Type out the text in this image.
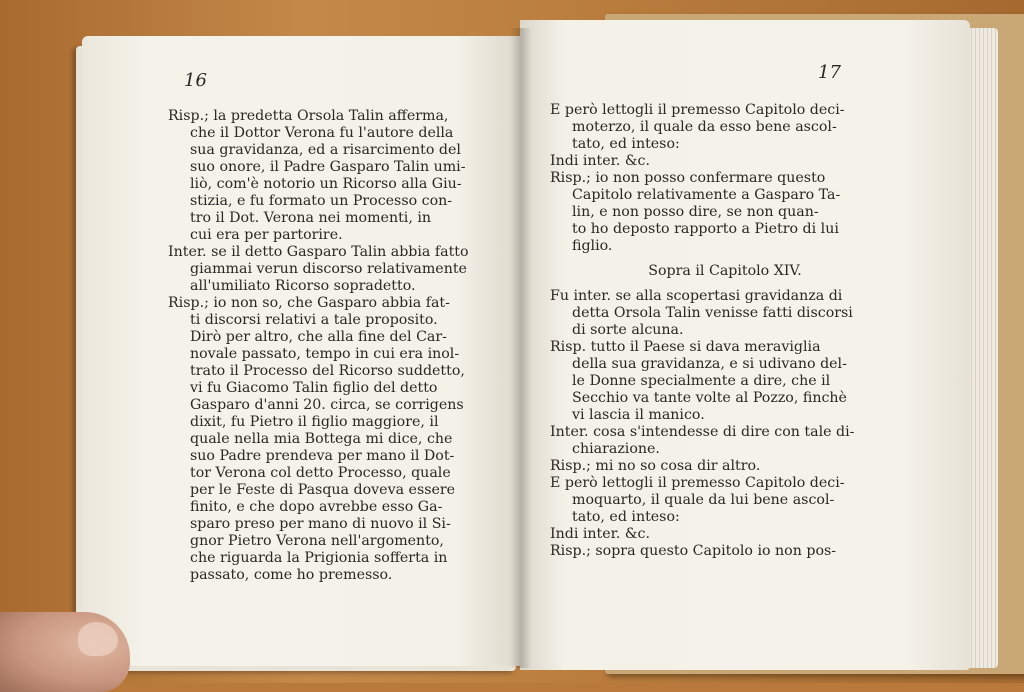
16
Risp.; la predetta Orsola Talin afferma,
che il Dottor Verona fu l'autore della
sua gravidanza, ed a risarcimento del
suo onore, il Padre Gasparo Talin umi-
liò, com'è notorio un Ricorso alla Giu-
stizia, e fu formato un Processo con-
tro il Dot. Verona nei momenti, in
cui era per partorire.
Inter. se il detto Gasparo Talin abbia fatto
giammai verun discorso relativamente
all'umiliato Ricorso sopradetto.
Risp.; io non so, che Gasparo abbia fat-
ti discorsi relativi a tale proposito.
Dirò per altro, che alla fine del Car-
novale passato, tempo in cui era inol-
trato il Processo del Ricorso suddetto,
vi fu Giacomo Talin figlio del detto
Gasparo d'anni 20. circa, se corrigens
dixit, fu Pietro il figlio maggiore, il
quale nella mia Bottega mi dice, che
suo Padre prendeva per mano il Dot-
tor Verona col detto Processo, quale
per le Feste di Pasqua doveva essere
finito, e che dopo avrebbe esso Ga-
sparo preso per mano di nuovo il Si-
gnor Pietro Verona nell'argomento,
che riguarda la Prigionia sofferta in
passato, come ho premesso.
17
E però lettogli il premesso Capitolo deci-
moterzo, il quale da esso bene ascol-
tato, ed inteso:
Indi inter. &c.
Risp.; io non posso confermare questo
Capitolo relativamente a Gasparo Ta-
lin, e non posso dire, se non quan-
to ho deposto rapporto a Pietro di lui
figlio.
Sopra il Capitolo XIV.
Fu inter. se alla scopertasi gravidanza di
detta Orsola Talin venisse fatti discorsi
di sorte alcuna.
Risp. tutto il Paese si dava meraviglia
della sua gravidanza, e si udivano del-
le Donne specialmente a dire, che il
Secchio va tante volte al Pozzo, finchè
vi lascia il manico.
Inter. cosa s'intendesse di dire con tale di-
chiarazione.
Risp.; mi no so cosa dir altro.
E però lettogli il premesso Capitolo deci-
moquarto, il quale da lui bene ascol-
tato, ed inteso:
Indi inter. &c.
Risp.; sopra questo Capitolo io non pos-
